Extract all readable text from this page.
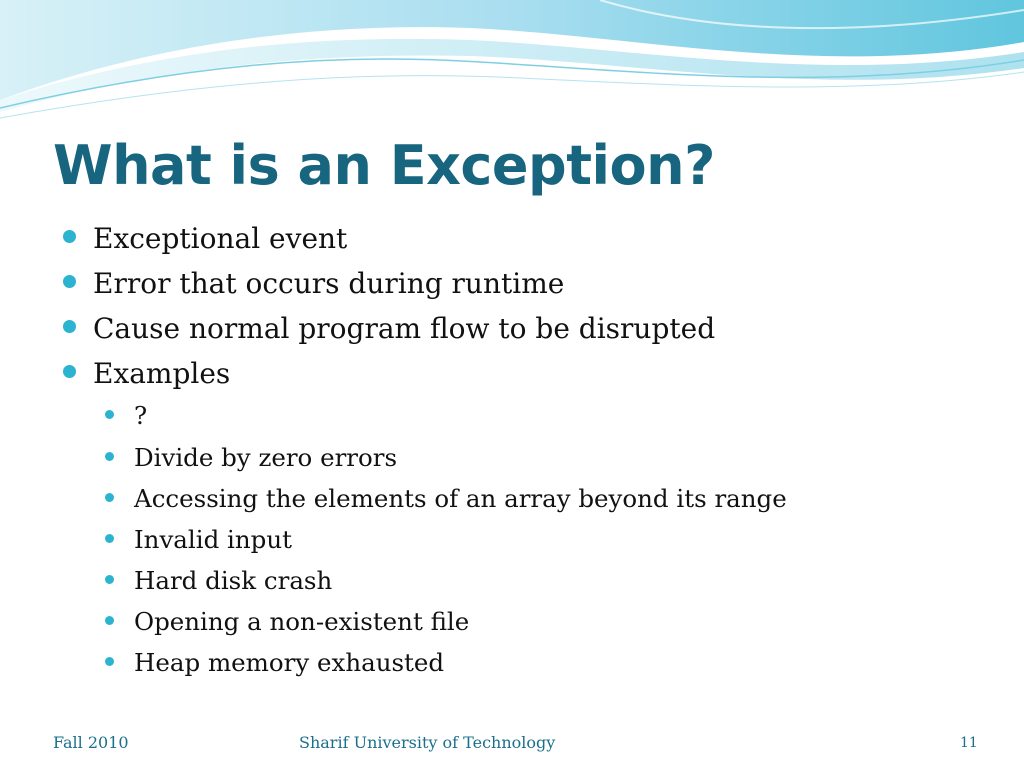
What is an Exception?
Exceptional event
Error that occurs during runtime
Cause normal program flow to be disrupted
Examples
?
Divide by zero errors
Accessing the elements of an array beyond its range
Invalid input
Hard disk crash
Opening a non-existent file
Heap memory exhausted
Fall 2010	Sharif University of Technology	11
